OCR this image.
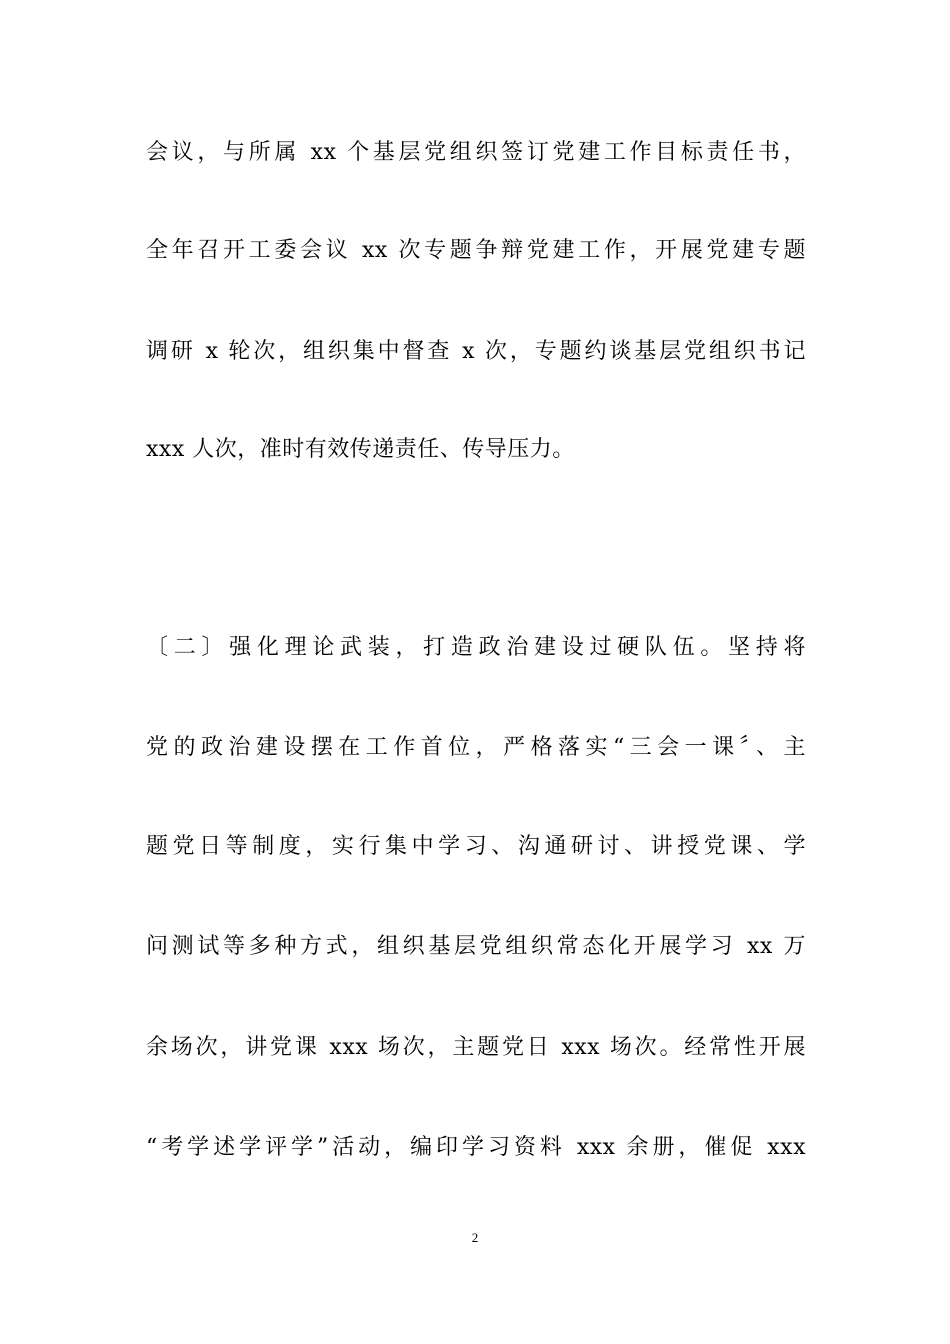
会议，与所属 xx 个基层党组织签订党建工作目标责任书，
全年召开工委会议 xx 次专题争辩党建工作，开展党建专题
调研 x 轮次，组织集中督查 x 次，专题约谈基层党组织书记
xxx 人次，准时有效传递责任、传导压力。
〔二〕强化理论武装，打造政治建设过硬队伍。坚持将
党的政治建设摆在工作首位，严格落实“三会一课〞、主
题党日等制度，实行集中学习、沟通研讨、讲授党课、学
问测试等多种方式，组织基层党组织常态化开展学习 xx 万
余场次，讲党课 xxx 场次，主题党日 xxx 场次。经常性开展
“考学述学评学”活动，编印学习资料 xxx 余册，催促 xxx
2
